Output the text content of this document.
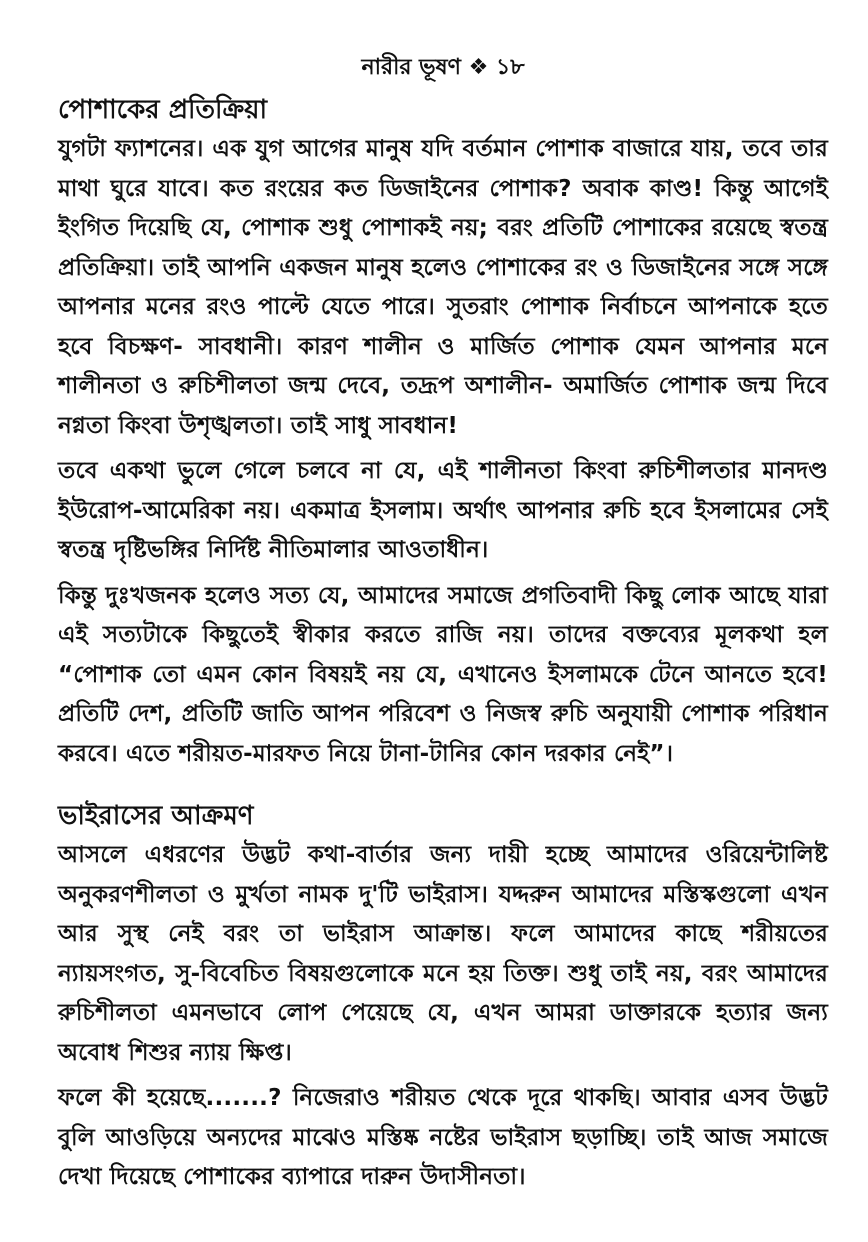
নারীর ভূষণ ❖ ১৮
পোশাকের প্রতিক্রিয়া

যুগটা ফ্যাশনের। এক যুগ আগের মানুষ যদি বর্তমান পোশাক বাজারে যায়, তবে তার মাথা ঘুরে যাবে। কত রংয়ের কত ডিজাইনের পোশাক? অবাক কাণ্ড! কিন্তু আগেই ইংগিত দিয়েছি যে, পোশাক শুধু পোশাকই নয়; বরং প্রতিটি পোশাকের রয়েছে স্বতন্ত্র প্রতিক্রিয়া। তাই আপনি একজন মানুষ হলেও পোশাকের রং ও ডিজাইনের সঙ্গে সঙ্গে আপনার মনের রংও পাল্টে যেতে পারে। সুতরাং পোশাক নির্বাচনে আপনাকে হতে হবে বিচক্ষণ- সাবধানী। কারণ শালীন ও মার্জিত পোশাক যেমন আপনার মনে শালীনতা ও রুচিশীলতা জন্ম দেবে, তদ্রূপ অশালীন- অমার্জিত পোশাক জন্ম দিবে নগ্নতা কিংবা উশৃঙ্খলতা। তাই সাধু সাবধান!

তবে একথা ভুলে গেলে চলবে না যে, এই শালীনতা কিংবা রুচিশীলতার মানদণ্ড ইউরোপ-আমেরিকা নয়। একমাত্র ইসলাম। অর্থাৎ আপনার রুচি হবে ইসলামের সেই স্বতন্ত্র দৃষ্টিভঙ্গির নির্দিষ্ট নীতিমালার আওতাধীন।

কিন্তু দুঃখজনক হলেও সত্য যে, আমাদের সমাজে প্রগতিবাদী কিছু লোক আছে যারা এই সত্যটাকে কিছুতেই স্বীকার করতে রাজি নয়। তাদের বক্তব্যের মূলকথা হল “পোশাক তো এমন কোন বিষয়ই নয় যে, এখানেও ইসলামকে টেনে আনতে হবে! প্রতিটি দেশ, প্রতিটি জাতি আপন পরিবেশ ও নিজস্ব রুচি অনুযায়ী পোশাক পরিধান করবে। এতে শরীয়ত-মারফত নিয়ে টানা-টানির কোন দরকার নেই”।

ভাইরাসের আক্রমণ

আসলে এধরণের উদ্ভট কথা-বার্তার জন্য দায়ী হচ্ছে আমাদের ওরিয়েন্টালিষ্ট অনুকরণশীলতা ও মুর্খতা নামক দু'টি ভাইরাস। যদ্দরুন আমাদের মস্তিস্কগুলো এখন আর সুস্থ নেই বরং তা ভাইরাস আক্রান্ত। ফলে আমাদের কাছে শরীয়তের ন্যায়সংগত, সু-বিবেচিত বিষয়গুলোকে মনে হয় তিক্ত। শুধু তাই নয়, বরং আমাদের রুচিশীলতা এমনভাবে লোপ পেয়েছে যে, এখন আমরা ডাক্তারকে হত্যার জন্য অবোধ শিশুর ন্যায় ক্ষিপ্ত।

ফলে কী হয়েছে.......? নিজেরাও শরীয়ত থেকে দূরে থাকছি। আবার এসব উদ্ভট বুলি আওড়িয়ে অন্যদের মাঝেও মস্তিষ্ক নষ্টের ভাইরাস ছড়াচ্ছি। তাই আজ সমাজে দেখা দিয়েছে পোশাকের ব্যাপারে দারুন উদাসীনতা।
